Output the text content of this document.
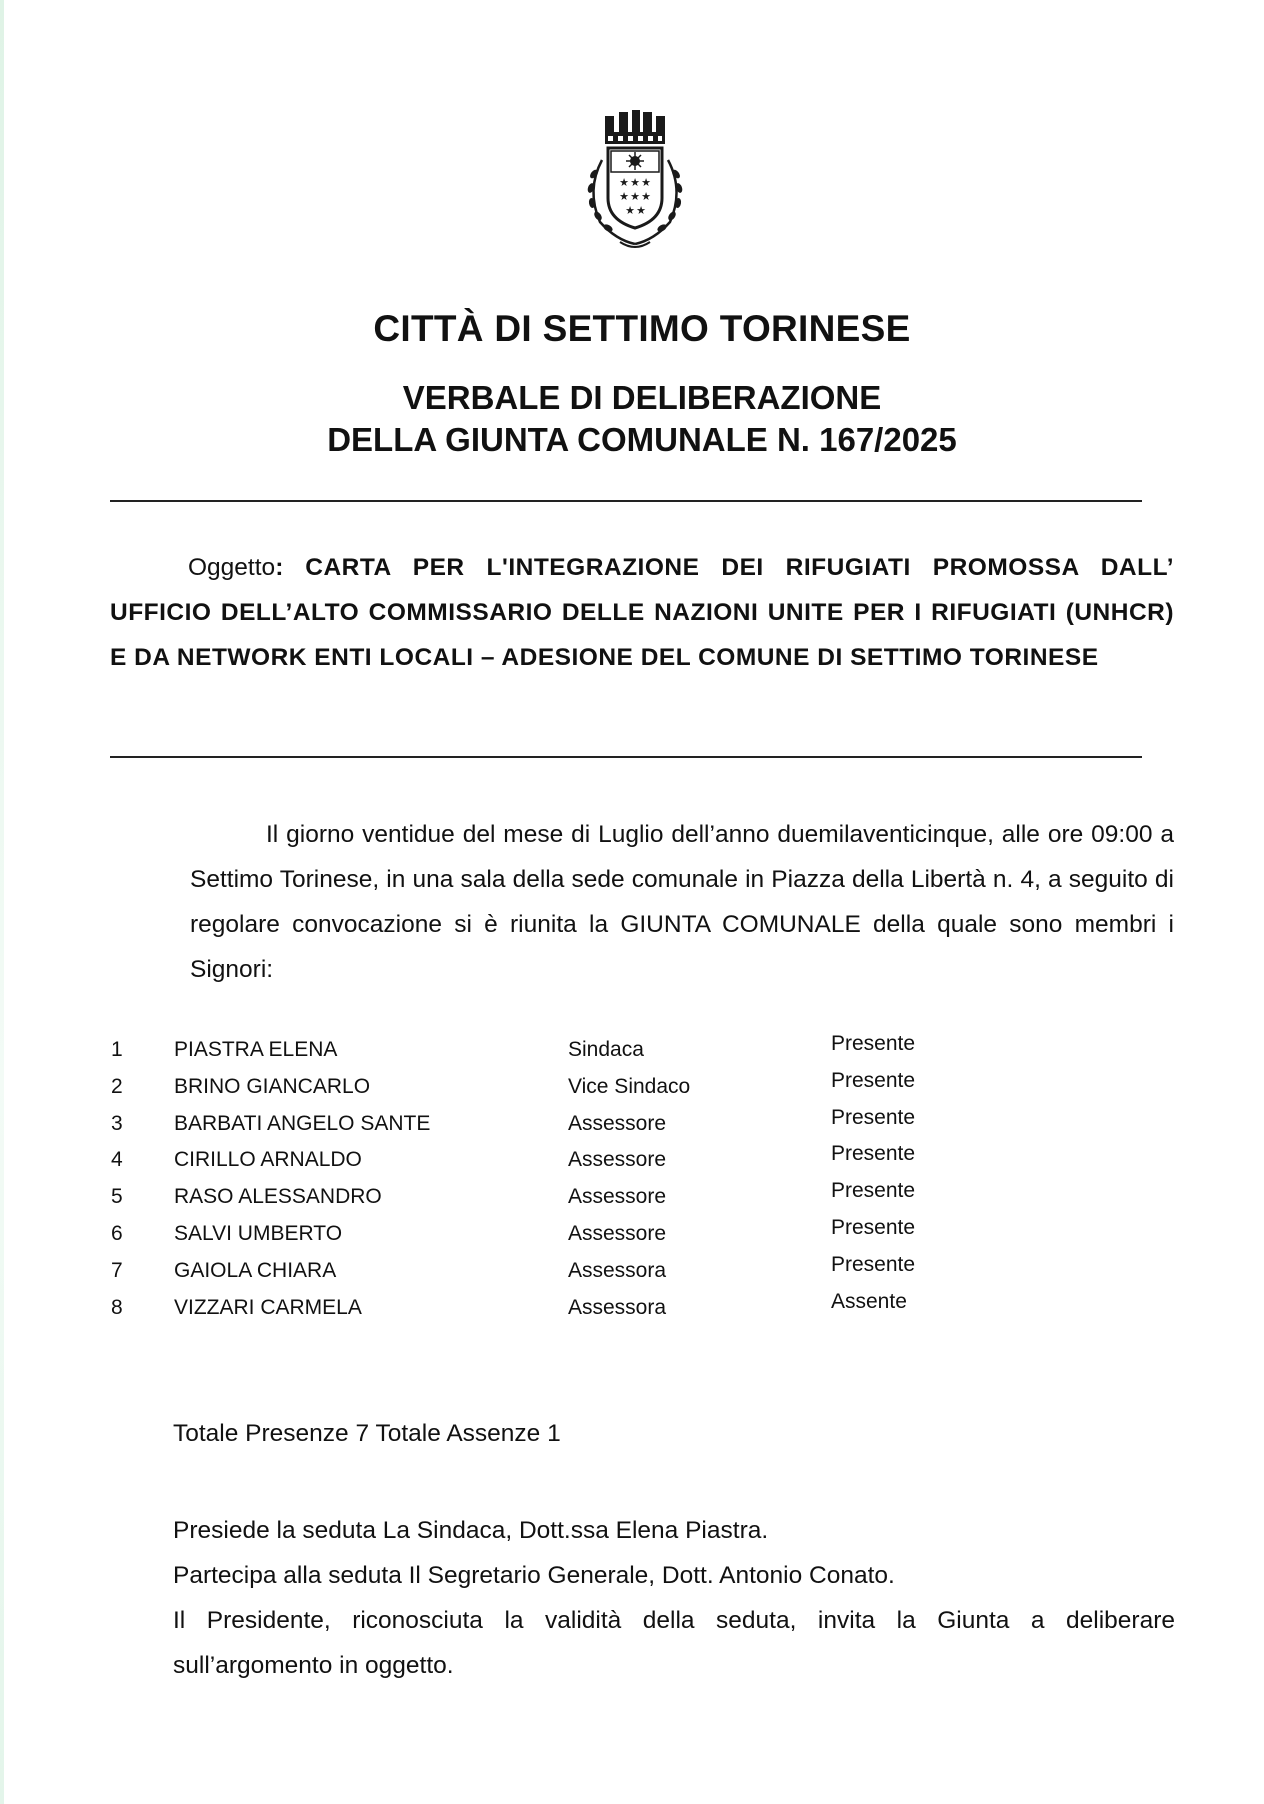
★ ★ ★
★ ★ ★
★ ★
CITTÀ DI SETTIMO TORINESE
VERBALE DI DELIBERAZIONE
DELLA GIUNTA COMUNALE N. 167/2025

Oggetto: CARTA PER L'INTEGRAZIONE DEI RIFUGIATI PROMOSSA DALL’ UFFICIO DELL’ALTO COMMISSARIO DELLE NAZIONI UNITE PER I RIFUGIATI (UNHCR) E DA NETWORK ENTI LOCALI – ADESIONE DEL COMUNE DI SETTIMO TORINESE

Il giorno ventidue del mese di Luglio dell’anno duemilaventicinque, alle ore 09:00 a Settimo Torinese, in una sala della sede comunale in Piazza della Libertà n. 4, a seguito di regolare convocazione si è riunita la GIUNTA COMUNALE della quale sono membri i Signori:

1 PIASTRA ELENA	Sindaca	Presente
2 BRINO GIANCARLO	Vice Sindaco	Presente
3 BARBATI ANGELO SANTE	Assessore	Presente
4 CIRILLO ARNALDO	Assessore	Presente
5 RASO ALESSANDRO	Assessore	Presente
6 SALVI UMBERTO	Assessore	Presente
7 GAIOLA CHIARA	Assessora	Presente
8 VIZZARI CARMELA	Assessora	Assente

Totale Presenze 7 Totale Assenze 1

Presiede la seduta La Sindaca, Dott.ssa Elena Piastra.

Partecipa alla seduta Il Segretario Generale, Dott. Antonio Conato.

Il Presidente, riconosciuta la validità della seduta, invita la Giunta a deliberare sull’argomento in oggetto.
